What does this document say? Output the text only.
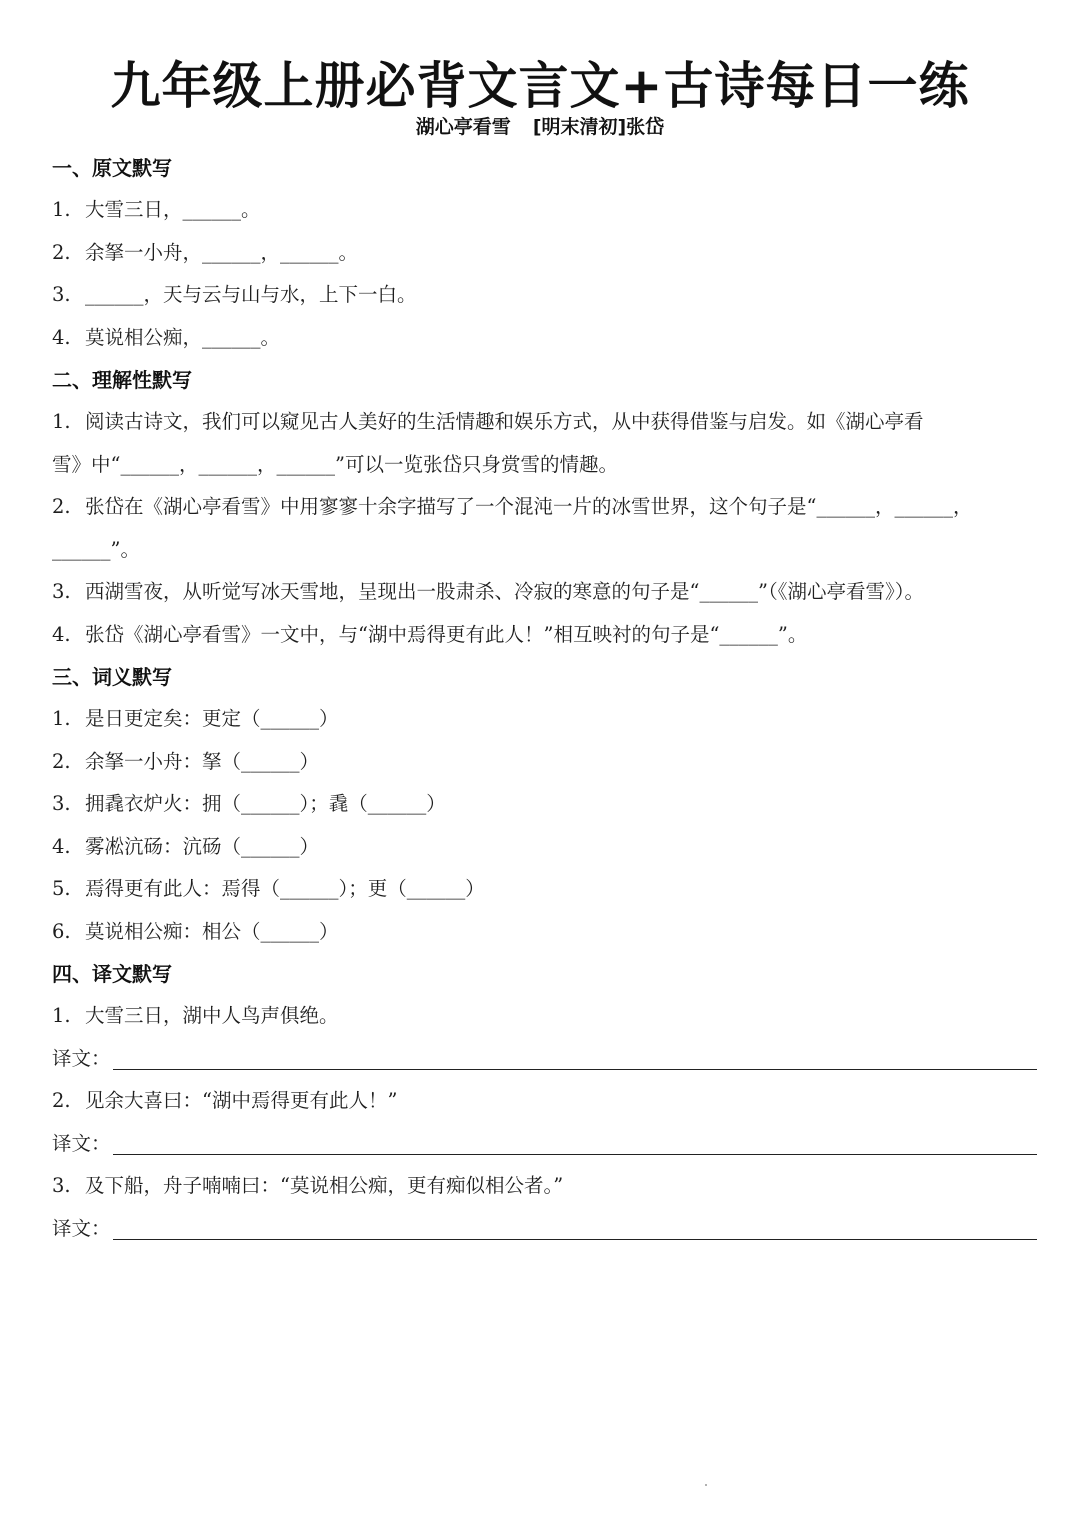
九年级上册必背文言文+古诗每日一练
湖心亭看雪 [明末清初]张岱
一、原文默写
1. 大雪三日，______。
2. 余拏一小舟，______，______。
3. ______，天与云与山与水，上下一白。
4. 莫说相公痴，______。
二、理解性默写
1. 阅读古诗文，我们可以窥见古人美好的生活情趣和娱乐方式，从中获得借鉴与启发。如《湖心亭看
雪》中“______，______，______”可以一览张岱只身赏雪的情趣。
2. 张岱在《湖心亭看雪》中用寥寥十余字描写了一个混沌一片的冰雪世界，这个句子是“______，______，
______”。
3. 西湖雪夜，从听觉写冰天雪地，呈现出一股肃杀、冷寂的寒意的句子是“______”（《湖心亭看雪》）。
4. 张岱《湖心亭看雪》一文中，与“湖中焉得更有此人！”相互映衬的句子是“______”。
三、词义默写
1. 是日更定矣：更定（______）
2. 余拏一小舟：拏（______）
3. 拥毳衣炉火：拥（______）；毳（______）
4. 雾凇沆砀：沆砀（______）
5. 焉得更有此人：焉得（______）；更（______）
6. 莫说相公痴：相公（______）
四、译文默写
1. 大雪三日，湖中人鸟声俱绝。
译文：
2. 见余大喜曰：“湖中焉得更有此人！”
译文：
3. 及下船，舟子喃喃曰：“莫说相公痴，更有痴似相公者。”
译文：
